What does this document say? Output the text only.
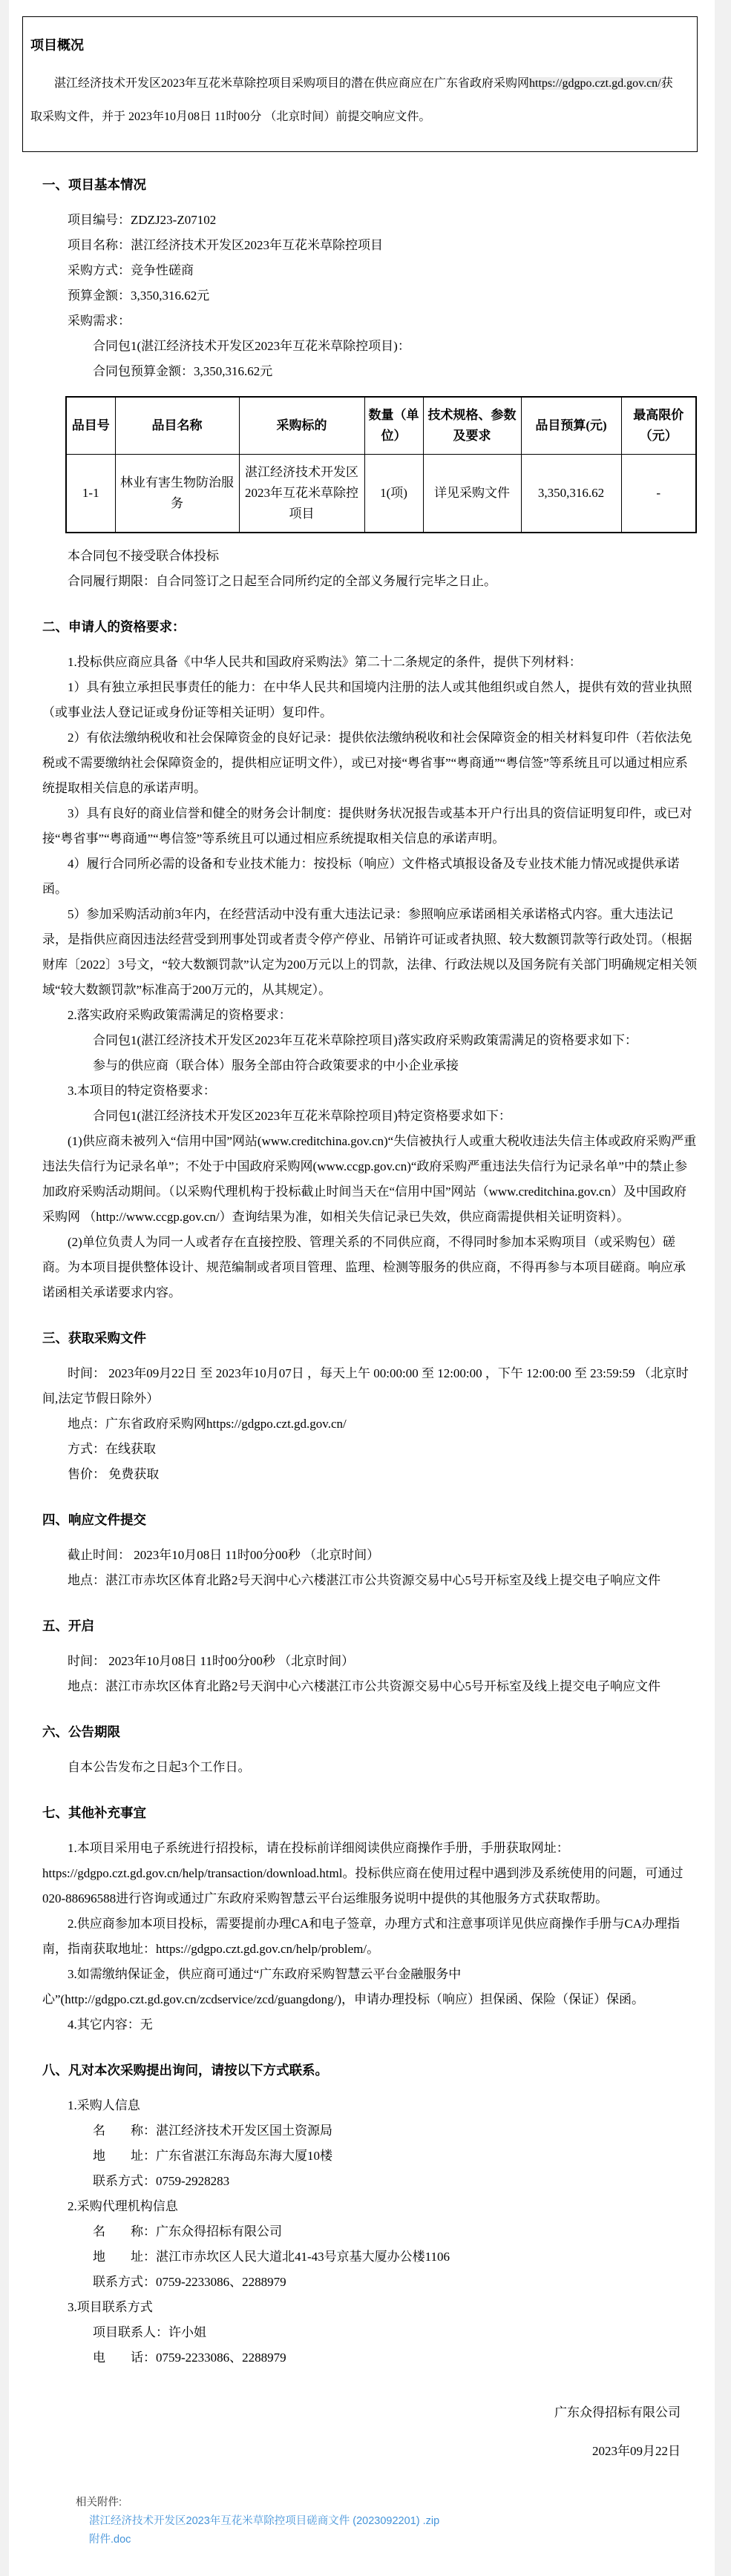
项目概况

湛江经济技术开发区2023年互花米草除控项目采购项目的潜在供应商应在广东省政府采购网https://gdgpo.czt.gd.gov.cn/获取采购文件，并于 2023年10月08日 11时00分 （北京时间）前提交响应文件。

一、项目基本情况

项目编号：ZDZJ23-Z07102

项目名称：湛江经济技术开发区2023年互花米草除控项目

采购方式：竞争性磋商

预算金额：3,350,316.62元

采购需求：

合同包1(湛江经济技术开发区2023年互花米草除控项目)：

合同包预算金额：3,350,316.62元

品目号	品目名称	采购标的	数量（单位）	技术规格、参数及要求	品目预算(元)	最高限价（元）
1-1	林业有害生物防治服务	湛江经济技术开发区2023年互花米草除控项目	1(项)	详见采购文件	3,350,316.62	-

本合同包不接受联合体投标

合同履行期限：自合同签订之日起至合同所约定的全部义务履行完毕之日止。

二、申请人的资格要求：

1.投标供应商应具备《中华人民共和国政府采购法》第二十二条规定的条件，提供下列材料：

1）具有独立承担民事责任的能力：在中华人民共和国境内注册的法人或其他组织或自然人，提供有效的营业执照（或事业法人登记证或身份证等相关证明）复印件。

2）有依法缴纳税收和社会保障资金的良好记录：提供依法缴纳税收和社会保障资金的相关材料复印件（若依法免税或不需要缴纳社会保障资金的，提供相应证明文件），或已对接“粤省事”“粤商通”“粤信签”等系统且可以通过相应系统提取相关信息的承诺声明。

3）具有良好的商业信誉和健全的财务会计制度：提供财务状况报告或基本开户行出具的资信证明复印件，或已对接“粤省事”“粤商通”“粤信签”等系统且可以通过相应系统提取相关信息的承诺声明。

4）履行合同所必需的设备和专业技术能力：按投标（响应）文件格式填报设备及专业技术能力情况或提供承诺函。

5）参加采购活动前3年内，在经营活动中没有重大违法记录：参照响应承诺函相关承诺格式内容。重大违法记录，是指供应商因违法经营受到刑事处罚或者责令停产停业、吊销许可证或者执照、较大数额罚款等行政处罚。（根据财库〔2022〕3号文，“较大数额罚款”认定为200万元以上的罚款，法律、行政法规以及国务院有关部门明确规定相关领域“较大数额罚款”标准高于200万元的，从其规定）。

2.落实政府采购政策需满足的资格要求：

合同包1(湛江经济技术开发区2023年互花米草除控项目)落实政府采购政策需满足的资格要求如下：

参与的供应商（联合体）服务全部由符合政策要求的中小企业承接

3.本项目的特定资格要求：

合同包1(湛江经济技术开发区2023年互花米草除控项目)特定资格要求如下：

(1)供应商未被列入“信用中国”网站(www.creditchina.gov.cn)“失信被执行人或重大税收违法失信主体或政府采购严重违法失信行为记录名单”；不处于中国政府采购网(www.ccgp.gov.cn)“政府采购严重违法失信行为记录名单”中的禁止参加政府采购活动期间。（以采购代理机构于投标截止时间当天在“信用中国”网站（www.creditchina.gov.cn）及中国政府采购网 （http://www.ccgp.gov.cn/）查询结果为准，如相关失信记录已失效，供应商需提供相关证明资料）。

(2)单位负责人为同一人或者存在直接控股、管理关系的不同供应商，不得同时参加本采购项目（或采购包）磋商。为本项目提供整体设计、规范编制或者项目管理、监理、检测等服务的供应商，不得再参与本项目磋商。响应承诺函相关承诺要求内容。

三、获取采购文件

时间： 2023年09月22日 至 2023年10月07日 ，每天上午 00:00:00 至 12:00:00 ，下午 12:00:00 至 23:59:59 （北京时间,法定节假日除外）

地点：广东省政府采购网https://gdgpo.czt.gd.gov.cn/

方式：在线获取

售价： 免费获取

四、响应文件提交

截止时间： 2023年10月08日 11时00分00秒 （北京时间）

地点：湛江市赤坎区体育北路2号天润中心六楼湛江市公共资源交易中心5号开标室及线上提交电子响应文件

五、开启

时间： 2023年10月08日 11时00分00秒 （北京时间）

地点：湛江市赤坎区体育北路2号天润中心六楼湛江市公共资源交易中心5号开标室及线上提交电子响应文件

六、公告期限

自本公告发布之日起3个工作日。

七、其他补充事宜

1.本项目采用电子系统进行招投标，请在投标前详细阅读供应商操作手册，手册获取网址：https://gdgpo.czt.gd.gov.cn/help/transaction/download.html。投标供应商在使用过程中遇到涉及系统使用的问题，可通过020-88696588进行咨询或通过广东政府采购智慧云平台运维服务说明中提供的其他服务方式获取帮助。

2.供应商参加本项目投标，需要提前办理CA和电子签章，办理方式和注意事项详见供应商操作手册与CA办理指南，指南获取地址：https://gdgpo.czt.gd.gov.cn/help/problem/。

3.如需缴纳保证金，供应商可通过“广东政府采购智慧云平台金融服务中心”(http://gdgpo.czt.gd.gov.cn/zcdservice/zcd/guangdong/)，申请办理投标（响应）担保函、保险（保证）保函。

4.其它内容：无

八、凡对本次采购提出询问，请按以下方式联系。

1.采购人信息

名　　称：湛江经济技术开发区国土资源局

地　　址：广东省湛江东海岛东海大厦10楼

联系方式：0759-2928283

2.采购代理机构信息

名　　称：广东众得招标有限公司

地　　址：湛江市赤坎区人民大道北41-43号京基大厦办公楼1106

联系方式：0759-2233086、2288979

3.项目联系方式

项目联系人：许小姐

电　　话：0759-2233086、2288979

广东众得招标有限公司

2023年09月22日

相关附件:

湛江经济技术开发区2023年互花米草除控项目磋商文件 (2023092201) .zip
附件.doc
